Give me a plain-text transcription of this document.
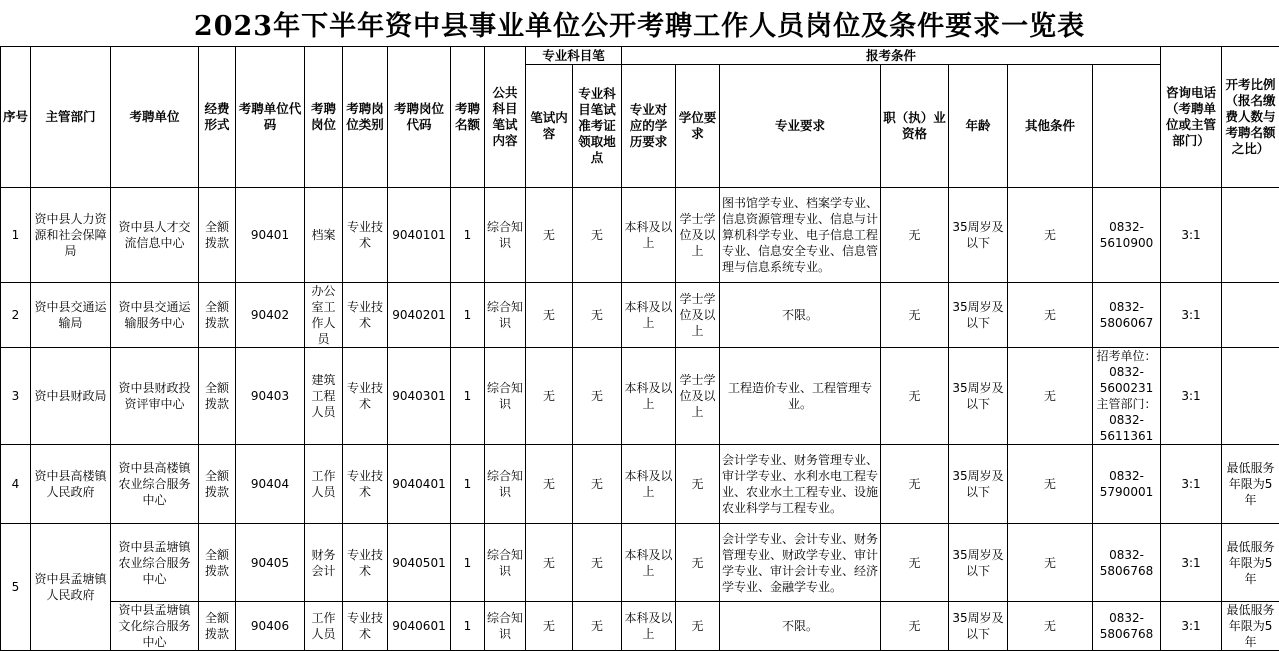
2023年下半年资中县事业单位公开考聘工作人员岗位及条件要求一览表
序号	主管部门	考聘单位	经费形式	考聘单位代码	考聘岗位	考聘岗位类别	考聘岗位代码	考聘名额	公共科目笔试内容	专业科目笔		报考条件							咨询电话（考聘单位或主管部门）	开考比例（报名缴费人数与考聘名额之比）	
										笔试内容	专业科目笔试准考证领取地点	专业对应的学历要求	学位要求	专业要求	职（执）业资格	年龄	其他条件				
1	资中县人力资源和社会保障局	资中县人才交流信息中心	全额拨款	90401	档案	专业技术	9040101	1	综合知识	无	无	本科及以上	学士学位及以上	图书馆学专业、档案学专业、信息资源管理专业、信息与计算机科学专业、电子信息工程专业、信息安全专业、信息管理与信息系统专业。	无	35周岁及以下	无	0832-5610900	3:1		
2	资中县交通运输局	资中县交通运输服务中心	全额拨款	90402	办公室工作人员	专业技术	9040201	1	综合知识	无	无	本科及以上	学士学位及以上	不限。	无	35周岁及以下	无	0832-5806067	3:1		
3	资中县财政局	资中县财政投资评审中心	全额拨款	90403	建筑工程人员	专业技术	9040301	1	综合知识	无	无	本科及以上	学士学位及以上	工程造价专业、工程管理专业。	无	35周岁及以下	无	招考单位：0832-5600231 主管部门：0832-5611361	3:1		
4	资中县高楼镇人民政府	资中县高楼镇农业综合服务中心	全额拨款	90404	工作人员	专业技术	9040401	1	综合知识	无	无	本科及以上	无	会计学专业、财务管理专业、审计学专业、水利水电工程专业、农业水土工程专业、设施农业科学与工程专业。	无	35周岁及以下	无	0832-5790001	3:1	最低服务年限为5年	
5	资中县孟塘镇人民政府	资中县孟塘镇农业综合服务中心	全额拨款	90405	财务会计	专业技术	9040501	1	综合知识	无	无	本科及以上	无	会计学专业、会计专业、财务管理专业、财政学专业、审计学专业、审计会计专业、经济学专业、金融学专业。	无	35周岁及以下	无	0832-5806768	3:1	最低服务年限为5年	
		资中县孟塘镇文化综合服务中心	全额拨款	90406	工作人员	专业技术	9040601	1	综合知识	无	无	本科及以上	无	不限。	无	35周岁及以下	无	0832-5806768	3:1	最低服务年限为5年	
